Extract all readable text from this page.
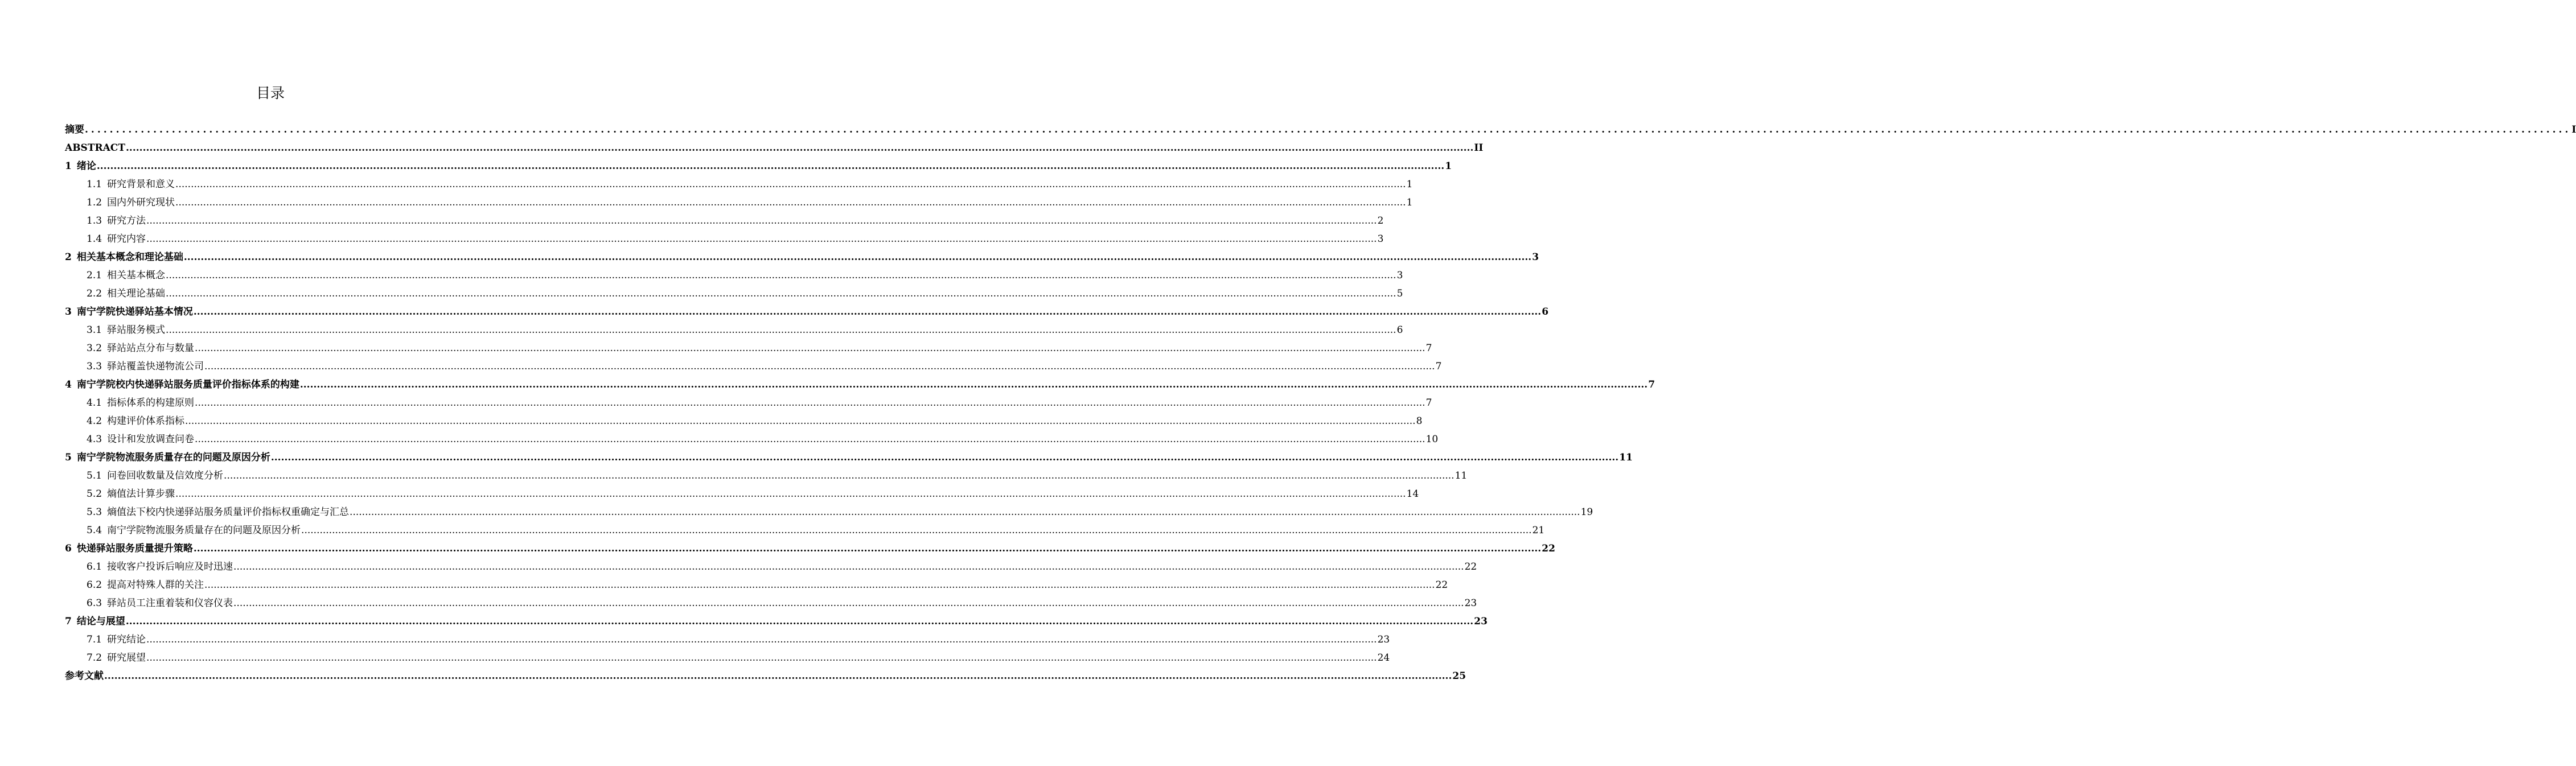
目录
摘要 ................................................................................................................................................................................................................................................................................................................................................................................................................ I
ABSTRACT ................................................................................................................................................................................................................................................................................................................................................................................................................ II
1 绪论 ................................................................................................................................................................................................................................................................................................................................................................................................................ 1
1.1 研究背景和意义 ................................................................................................................................................................................................................................................................................................................................................................................................................ 1
1.2 国内外研究现状 ................................................................................................................................................................................................................................................................................................................................................................................................................ 1
1.3 研究方法 ................................................................................................................................................................................................................................................................................................................................................................................................................ 2
1.4 研究内容 ................................................................................................................................................................................................................................................................................................................................................................................................................ 3
2 相关基本概念和理论基础 ................................................................................................................................................................................................................................................................................................................................................................................................................ 3
2.1 相关基本概念 ................................................................................................................................................................................................................................................................................................................................................................................................................ 3
2.2 相关理论基础 ................................................................................................................................................................................................................................................................................................................................................................................................................ 5
3 南宁学院快递驿站基本情况 ................................................................................................................................................................................................................................................................................................................................................................................................................ 6
3.1 驿站服务模式 ................................................................................................................................................................................................................................................................................................................................................................................................................ 6
3.2 驿站站点分布与数量 ................................................................................................................................................................................................................................................................................................................................................................................................................ 7
3.3 驿站覆盖快递物流公司 ................................................................................................................................................................................................................................................................................................................................................................................................................ 7
4 南宁学院校内快递驿站服务质量评价指标体系的构建 ................................................................................................................................................................................................................................................................................................................................................................................................................ 7
4.1 指标体系的构建原则 ................................................................................................................................................................................................................................................................................................................................................................................................................ 7
4.2 构建评价体系指标 ................................................................................................................................................................................................................................................................................................................................................................................................................ 8
4.3 设计和发放调查问卷 ................................................................................................................................................................................................................................................................................................................................................................................................................ 10
5 南宁学院物流服务质量存在的问题及原因分析 ................................................................................................................................................................................................................................................................................................................................................................................................................ 11
5.1 问卷回收数量及信效度分析 ................................................................................................................................................................................................................................................................................................................................................................................................................ 11
5.2 熵值法计算步骤 ................................................................................................................................................................................................................................................................................................................................................................................................................ 14
5.3 熵值法下校内快递驿站服务质量评价指标权重确定与汇总 ................................................................................................................................................................................................................................................................................................................................................................................................................ 19
5.4 南宁学院物流服务质量存在的问题及原因分析 ................................................................................................................................................................................................................................................................................................................................................................................................................ 21
6 快递驿站服务质量提升策略 ................................................................................................................................................................................................................................................................................................................................................................................................................ 22
6.1 接收客户投诉后响应及时迅速 ................................................................................................................................................................................................................................................................................................................................................................................................................ 22
6.2 提高对特殊人群的关注 ................................................................................................................................................................................................................................................................................................................................................................................................................ 22
6.3 驿站员工注重着装和仪容仪表 ................................................................................................................................................................................................................................................................................................................................................................................................................ 23
7 结论与展望 ................................................................................................................................................................................................................................................................................................................................................................................................................ 23
7.1 研究结论 ................................................................................................................................................................................................................................................................................................................................................................................................................ 23
7.2 研究展望 ................................................................................................................................................................................................................................................................................................................................................................................................................ 24
参考文献 ................................................................................................................................................................................................................................................................................................................................................................................................................ 25
